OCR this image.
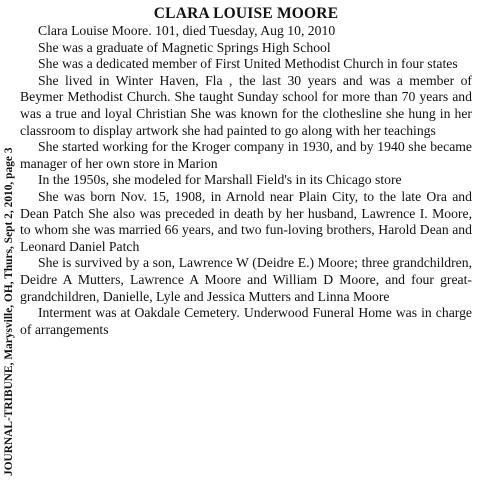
JOURNAL-TRIBUNE, Marysville, OH, Thurs, Sept 2, 2010, page 3
CLARA LOUISE MOORE

Clara Louise Moore. 101, died Tuesday, Aug 10, 2010

She was a graduate of Magnetic Springs High School

She was a dedicated member of First United Methodist Church in four states

She lived in Winter Haven, Fla , the last 30 years and was a member of Beymer Methodist Church. She taught Sunday school for more than 70 years and was a true and loyal Christian She was known for the clothesline she hung in her classroom to display artwork she had painted to go along with her teachings

She started working for the Kroger company in 1930, and by 1940 she became manager of her own store in Marion

In the 1950s, she modeled for Marshall Field's in its Chicago store

She was born Nov. 15, 1908, in Arnold near Plain City, to the late Ora and Dean Patch She also was preceded in death by her husband, Lawrence I. Moore, to whom she was married 66 years, and two fun-loving brothers, Harold Dean and Leonard Daniel Patch

She is survived by a son, Lawrence W (Deidre E.) Moore; three grandchildren, Deidre A Mutters, Lawrence A Moore and William D Moore, and four great-grandchildren, Danielle, Lyle and Jessica Mutters and Linna Moore

Interment was at Oakdale Cemetery. Underwood Funeral Home was in charge of arrangements
